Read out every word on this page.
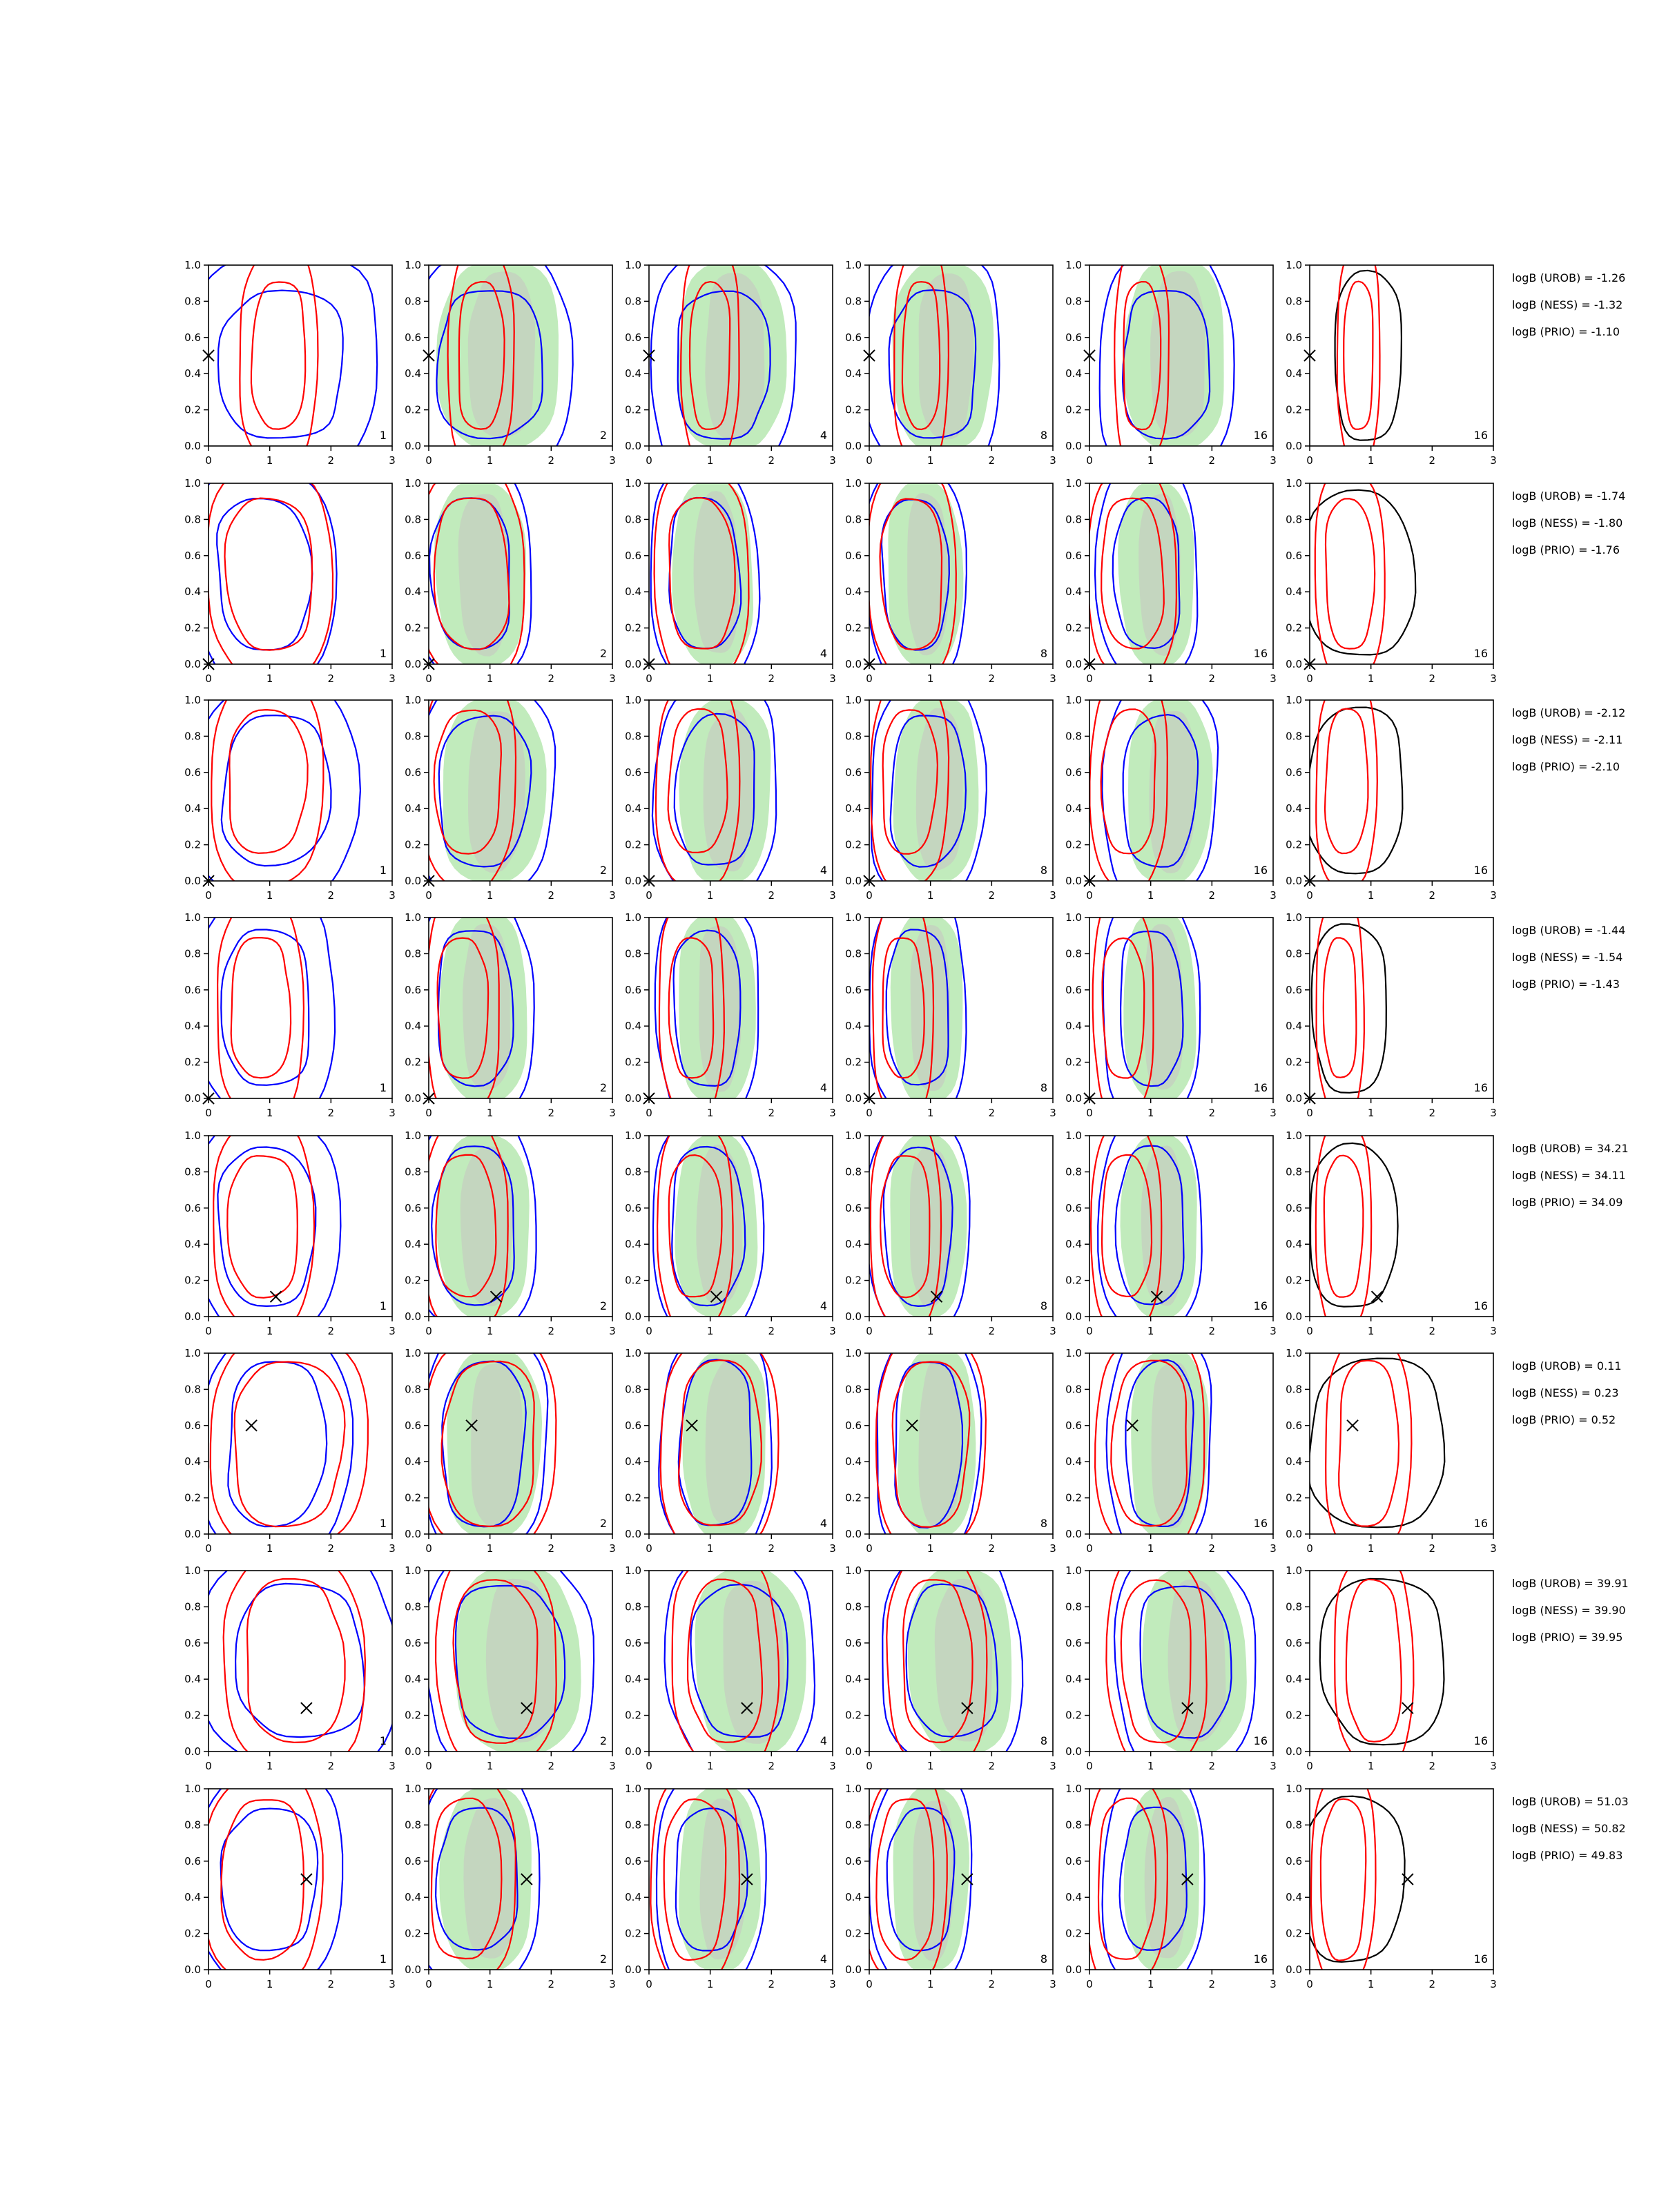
0	1	2	3
0.0
0.2
0.4
0.6
0.8
1.0
1
0	1	2	3
0.0
0.2
0.4
0.6
0.8
1.0
2
0	1	2	3
0.0
0.2
0.4
0.6
0.8
1.0
4
0	1	2	3
0.0
0.2
0.4
0.6
0.8
1.0
8
0	1	2	3
0.0
0.2
0.4
0.6
0.8
1.0
16
0	1	2	3
0.0
0.2
0.4
0.6
0.8
1.0
16
logB (UROB) = -1.26
logB (NESS) = -1.32
logB (PRIO) = -1.10
0	1	2	3
0.0
0.2
0.4
0.6
0.8
1.0
1
0	1	2	3
0.0
0.2
0.4
0.6
0.8
1.0
2
0	1	2	3
0.0
0.2
0.4
0.6
0.8
1.0
4
0	1	2	3
0.0
0.2
0.4
0.6
0.8
1.0
8
0	1	2	3
0.0
0.2
0.4
0.6
0.8
1.0
16
0	1	2	3
0.0
0.2
0.4
0.6
0.8
1.0
16
logB (UROB) = -1.74
logB (NESS) = -1.80
logB (PRIO) = -1.76
0	1	2	3
0.0
0.2
0.4
0.6
0.8
1.0
1
0	1	2	3
0.0
0.2
0.4
0.6
0.8
1.0
2
0	1	2	3
0.0
0.2
0.4
0.6
0.8
1.0
4
0	1	2	3
0.0
0.2
0.4
0.6
0.8
1.0
8
0	1	2	3
0.0
0.2
0.4
0.6
0.8
1.0
16
0	1	2	3
0.0
0.2
0.4
0.6
0.8
1.0
16
logB (UROB) = -2.12
logB (NESS) = -2.11
logB (PRIO) = -2.10
0	1	2	3
0.0
0.2
0.4
0.6
0.8
1.0
1
0	1	2	3
0.0
0.2
0.4
0.6
0.8
1.0
2
0	1	2	3
0.0
0.2
0.4
0.6
0.8
1.0
4
0	1	2	3
0.0
0.2
0.4
0.6
0.8
1.0
8
0	1	2	3
0.0
0.2
0.4
0.6
0.8
1.0
16
0	1	2	3
0.0
0.2
0.4
0.6
0.8
1.0
16
logB (UROB) = -1.44
logB (NESS) = -1.54
logB (PRIO) = -1.43
0	1	2	3
0.0
0.2
0.4
0.6
0.8
1.0
1
0	1	2	3
0.0
0.2
0.4
0.6
0.8
1.0
2
0	1	2	3
0.0
0.2
0.4
0.6
0.8
1.0
4
0	1	2	3
0.0
0.2
0.4
0.6
0.8
1.0
8
0	1	2	3
0.0
0.2
0.4
0.6
0.8
1.0
16
0	1	2	3
0.0
0.2
0.4
0.6
0.8
1.0
16
logB (UROB) = 34.21
logB (NESS) = 34.11
logB (PRIO) = 34.09
0	1	2	3
0.0
0.2
0.4
0.6
0.8
1.0
1
0	1	2	3
0.0
0.2
0.4
0.6
0.8
1.0
2
0	1	2	3
0.0
0.2
0.4
0.6
0.8
1.0
4
0	1	2	3
0.0
0.2
0.4
0.6
0.8
1.0
8
0	1	2	3
0.0
0.2
0.4
0.6
0.8
1.0
16
0	1	2	3
0.0
0.2
0.4
0.6
0.8
1.0
16
logB (UROB) = 0.11
logB (NESS) = 0.23
logB (PRIO) = 0.52
0	1	2	3
0.0
0.2
0.4
0.6
0.8
1.0
1
0	1	2	3
0.0
0.2
0.4
0.6
0.8
1.0
2
0	1	2	3
0.0
0.2
0.4
0.6
0.8
1.0
4
0	1	2	3
0.0
0.2
0.4
0.6
0.8
1.0
8
0	1	2	3
0.0
0.2
0.4
0.6
0.8
1.0
16
0	1	2	3
0.0
0.2
0.4
0.6
0.8
1.0
16
logB (UROB) = 39.91
logB (NESS) = 39.90
logB (PRIO) = 39.95
0	1	2	3
0.0
0.2
0.4
0.6
0.8
1.0
1
0	1	2	3
0.0
0.2
0.4
0.6
0.8
1.0
2
0	1	2	3
0.0
0.2
0.4
0.6
0.8
1.0
4
0	1	2	3
0.0
0.2
0.4
0.6
0.8
1.0
8
0	1	2	3
0.0
0.2
0.4
0.6
0.8
1.0
16
0	1	2	3
0.0
0.2
0.4
0.6
0.8
1.0
16
logB (UROB) = 51.03
logB (NESS) = 50.82
logB (PRIO) = 49.83
